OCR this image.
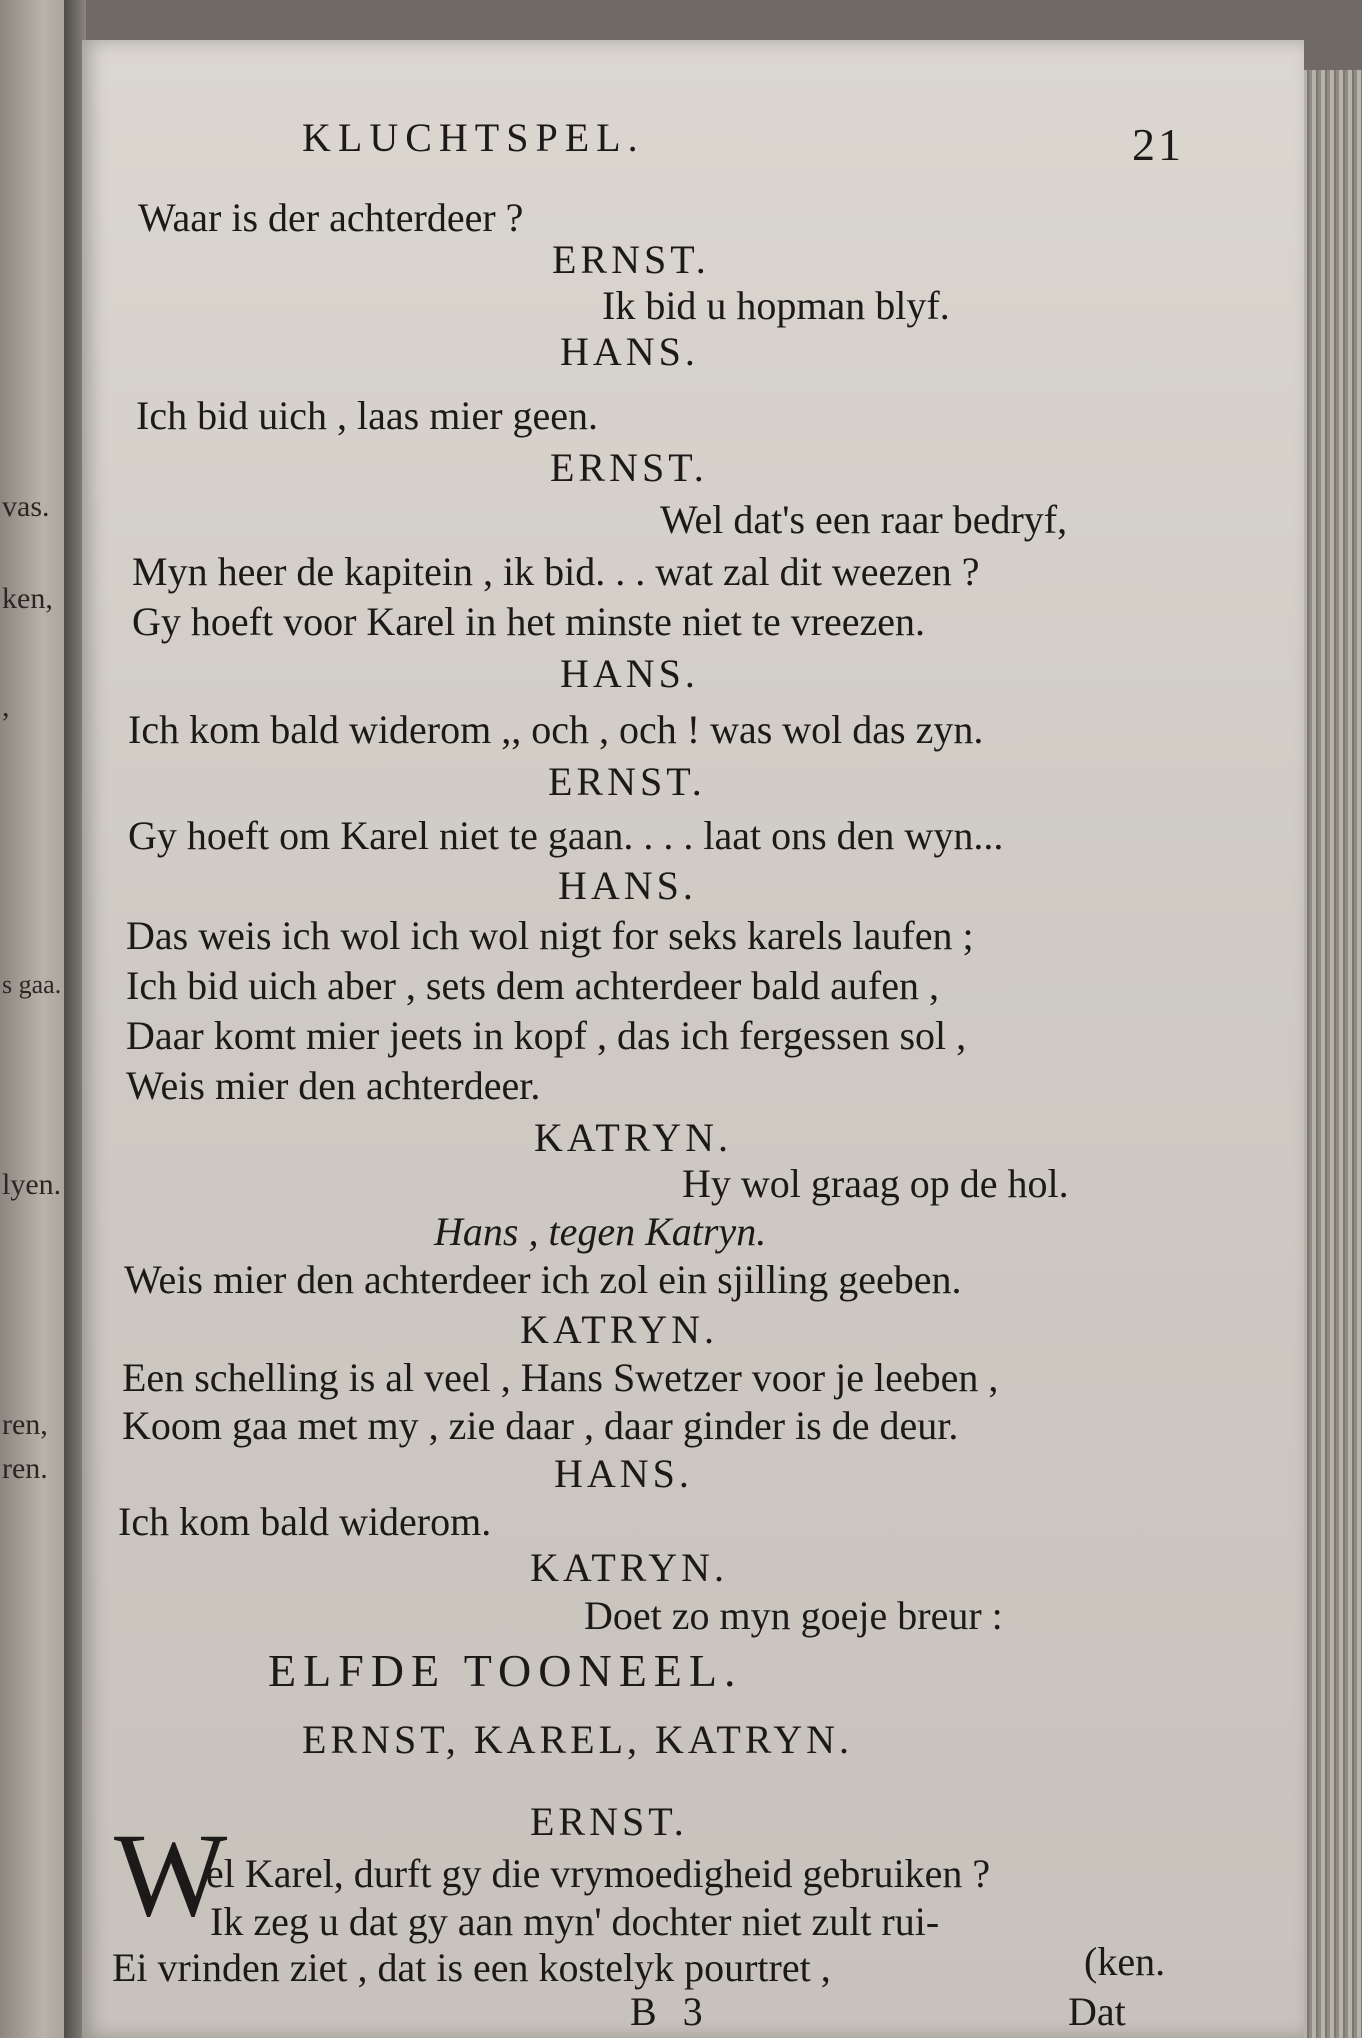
vas.
ken,
,
s gaa.
lyen.
ren,
ren.
KLUCHTSPEL.	21
Waar is der achterdeer ?
ERNST.
Ik bid u hopman blyf.
HANS.
Ich bid uich , laas mier geen.
ERNST.
Wel dat's een raar bedryf,
Myn heer de kapitein , ik bid. . . wat zal dit weezen ?
Gy hoeft voor Karel in het minste niet te vreezen.
HANS.
Ich kom bald widerom ,, och , och ! was wol das zyn.
ERNST.
Gy hoeft om Karel niet te gaan. . . . laat ons den wyn...
HANS.
Das weis ich wol ich wol nigt for seks karels laufen ;
Ich bid uich aber , sets dem achterdeer bald aufen ,
Daar komt mier jeets in kopf , das ich fergessen sol ,
Weis mier den achterdeer.
KATRYN.
Hy wol graag op de hol.
Hans , tegen Katryn.
Weis mier den achterdeer ich zol ein sjilling geeben.
KATRYN.
Een schelling is al veel , Hans Swetzer voor je leeben ,
Koom gaa met my , zie daar , daar ginder is de deur.
HANS.
Ich kom bald widerom.
KATRYN.
Doet zo myn goeje breur :
ELFDE TOONEEL.
ERNST, KAREL, KATRYN.
ERNST.
W
el Karel, durft gy die vrymoedigheid gebruiken ?
Ik zeg u dat gy aan myn' dochter niet zult rui-
Ei vrinden ziet , dat is een kostelyk pourtret ,	(ken.
B 3	Dat
